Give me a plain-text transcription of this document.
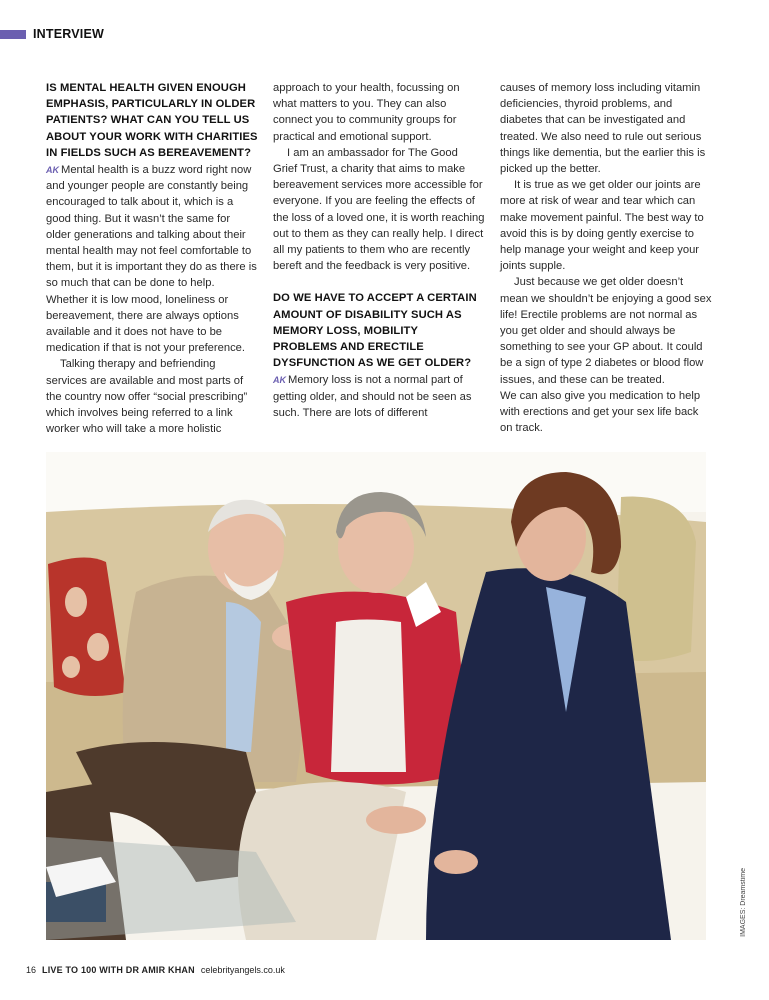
INTERVIEW
IS MENTAL HEALTH GIVEN ENOUGH EMPHASIS, PARTICULARLY IN OLDER PATIENTS? WHAT CAN YOU TELL US ABOUT YOUR WORK WITH CHARITIES IN FIELDS SUCH AS BEREAVEMENT?

AK Mental health is a buzz word right now and younger people are constantly being encouraged to talk about it, which is a good thing. But it wasn’t the same for older generations and talking about their mental health may not feel comfortable to them, but it is important they do as there is so much that can be done to help. Whether it is low mood, loneliness or bereavement, there are always options available and it does not have to be medication if that is not your preference.

Talking therapy and befriending services are available and most parts of the country now offer “social prescribing” which involves being referred to a link worker who will take a more holistic

approach to your health, focussing on what matters to you. They can also connect you to community groups for practical and emotional support.

I am an ambassador for The Good Grief Trust, a charity that aims to make bereavement services more accessible for everyone. If you are feeling the effects of the loss of a loved one, it is worth reaching out to them as they can really help. I direct all my patients to them who are recently bereft and the feedback is very positive.

DO WE HAVE TO ACCEPT A CERTAIN AMOUNT OF DISABILITY SUCH AS MEMORY LOSS, MOBILITY PROBLEMS AND ERECTILE DYSFUNCTION AS WE GET OLDER?

AK Memory loss is not a normal part of getting older, and should not be seen as such. There are lots of different

causes of memory loss including vitamin deficiencies, thyroid problems, and diabetes that can be investigated and treated. We also need to rule out serious things like dementia, but the earlier this is picked up the better.

It is true as we get older our joints are more at risk of wear and tear which can make movement painful. The best way to avoid this is by doing gently exercise to help manage your weight and keep your joints supple.

Just because we get older doesn’t mean we shouldn’t be enjoying a good sex life! Erectile problems are not normal as you get older and should always be something to see your GP about. It could be a sign of type 2 diabetes or blood flow issues, and these can be treated.

We can also give you medication to help with erections and get your sex life back on track.

IMAGES: Dreamstime
16 LIVE TO 100 WITH DR AMIR KHAN celebrityangels.co.uk
